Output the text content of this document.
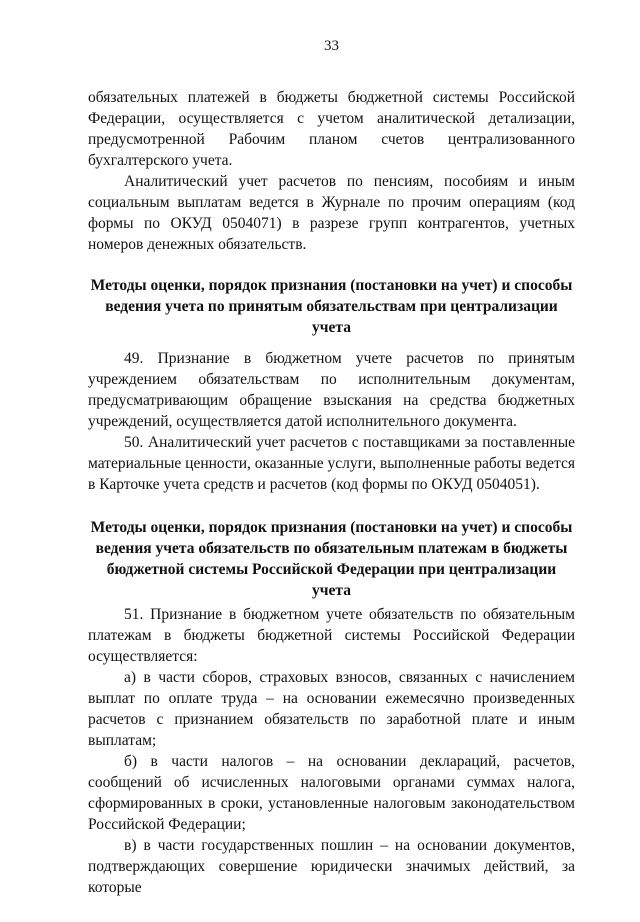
33

обязательных платежей в бюджеты бюджетной системы Российской Федерации, осуществляется с учетом аналитической детализации, предусмотренной Рабочим планом счетов централизованного бухгалтерского учета.

Аналитический учет расчетов по пенсиям, пособиям и иным социальным выплатам ведется в Журнале по прочим операциям (код формы по ОКУД 0504071) в разрезе групп контрагентов, учетных номеров денежных обязательств.

Методы оценки, порядок признания (постановки на учет) и способы ведения учета по принятым обязательствам при централизации учета

49. Признание в бюджетном учете расчетов по принятым учреждением обязательствам по исполнительным документам, предусматривающим обращение взыскания на средства бюджетных учреждений, осуществляется датой исполнительного документа.

50. Аналитический учет расчетов с поставщиками за поставленные материальные ценности, оказанные услуги, выполненные работы ведется в Карточке учета средств и расчетов (код формы по ОКУД 0504051).

Методы оценки, порядок признания (постановки на учет) и способы ведения учета обязательств по обязательным платежам в бюджеты бюджетной системы Российской Федерации при централизации учета

51. Признание в бюджетном учете обязательств по обязательным платежам в бюджеты бюджетной системы Российской Федерации осуществляется:

а) в части сборов, страховых взносов, связанных с начислением выплат по оплате труда – на основании ежемесячно произведенных расчетов с признанием обязательств по заработной плате и иным выплатам;

б) в части налогов – на основании деклараций, расчетов, сообщений об исчисленных налоговыми органами суммах налога, сформированных в сроки, установленные налоговым законодательством Российской Федерации;

в) в части государственных пошлин – на основании документов, подтверждающих совершение юридически значимых действий, за которые
